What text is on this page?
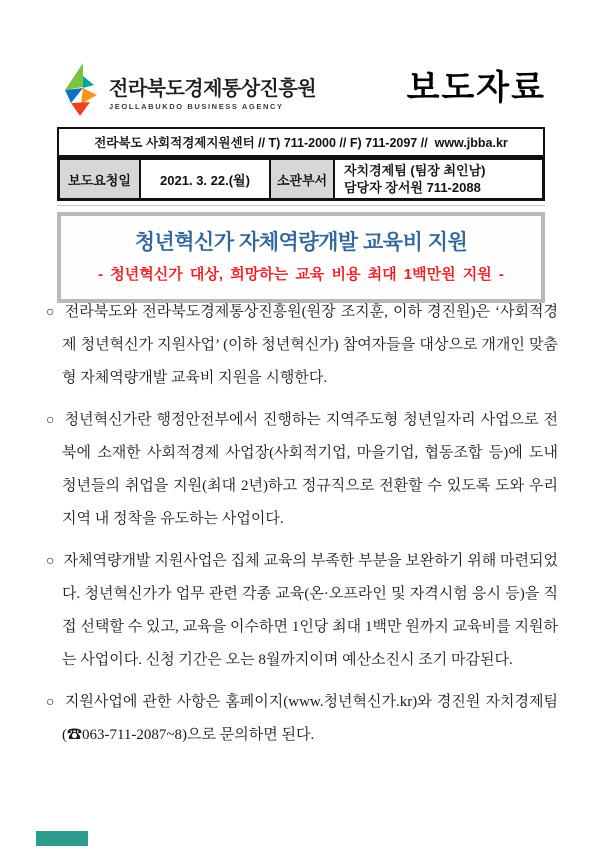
전라북도경제통상진흥원
JEOLLABUKDO BUSINESS AGENCY	보도자료
전라북도 사회적경제지원센터 // T) 711-2000 // F) 711-2097 //  www.jbba.kr
보도요청일	2021. 3. 22.(월)	소관부서
자치경제팀 (팀장 최인남)
담당자 장서원 711-2088
청년혁신가 자체역량개발 교육비 지원
- 청년혁신가 대상, 희망하는 교육 비용 최대 1백만원 지원 -

○ 전라북도와 전라북도경제통상진흥원(원장 조지훈, 이하 경진원)은 ‘사회적경제 청년혁신가 지원사업’ (이하 청년혁신가) 참여자들을 대상으로 개개인 맞춤형 자체역량개발 교육비 지원을 시행한다.

○ 청년혁신가란 행정안전부에서 진행하는 지역주도형 청년일자리 사업으로 전북에 소재한 사회적경제 사업장(사회적기업, 마을기업, 협동조합 등)에 도내 청년들의 취업을 지원(최대 2년)하고 정규직으로 전환할 수 있도록 도와 우리 지역 내 정착을 유도하는 사업이다.

○ 자체역량개발 지원사업은 집체 교육의 부족한 부분을 보완하기 위해 마련되었다. 청년혁신가가 업무 관련 각종 교육(온·오프라인 및 자격시험 응시 등)을 직접 선택할 수 있고, 교육을 이수하면 1인당 최대 1백만 원까지 교육비를 지원하는 사업이다. 신청 기간은 오는 8월까지이며 예산소진시 조기 마감된다.

○ 지원사업에 관한 사항은 홈페이지(www.청년혁신가.kr)와 경진원 자치경제팀(☎063-711-2087~8)으로 문의하면 된다.
